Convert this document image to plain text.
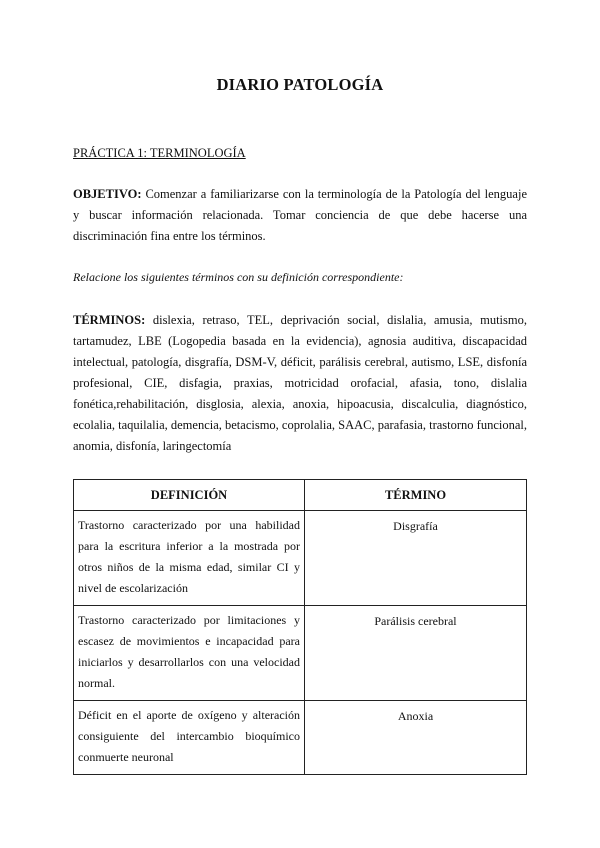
DIARIO PATOLOGÍA
PRÁCTICA 1: TERMINOLOGÍA
OBJETIVO: Comenzar a familiarizarse con la terminología de la Patología del lenguaje y buscar información relacionada. Tomar conciencia de que debe hacerse una discriminación fina entre los términos.
Relacione los siguientes términos con su definición correspondiente:
TÉRMINOS: dislexia, retraso, TEL, deprivación social, dislalia, amusia, mutismo, tartamudez, LBE (Logopedia basada en la evidencia), agnosia auditiva, discapacidad intelectual, patología, disgrafía, DSM-V, déficit, parálisis cerebral, autismo, LSE, disfonía profesional, CIE, disfagia, praxias, motricidad orofacial, afasia, tono, dislalia fonética,rehabilitación, disglosia, alexia, anoxia, hipoacusia, discalculia, diagnóstico, ecolalia, taquilalia, demencia, betacismo, coprolalia, SAAC, parafasia, trastorno funcional, anomia, disfonía, laringectomía
DEFINICIÓN	TÉRMINO
Trastorno caracterizado por una habilidad para la escritura inferior a la mostrada por otros niños de la misma edad, similar CI y nivel de escolarización	Disgrafía
Trastorno caracterizado por limitaciones y escasez de movimientos e incapacidad para iniciarlos y desarrollarlos con una velocidad normal.	Parálisis cerebral
Déficit en el aporte de oxígeno y alteración consiguiente del intercambio bioquímico conmuerte neuronal	Anoxia
